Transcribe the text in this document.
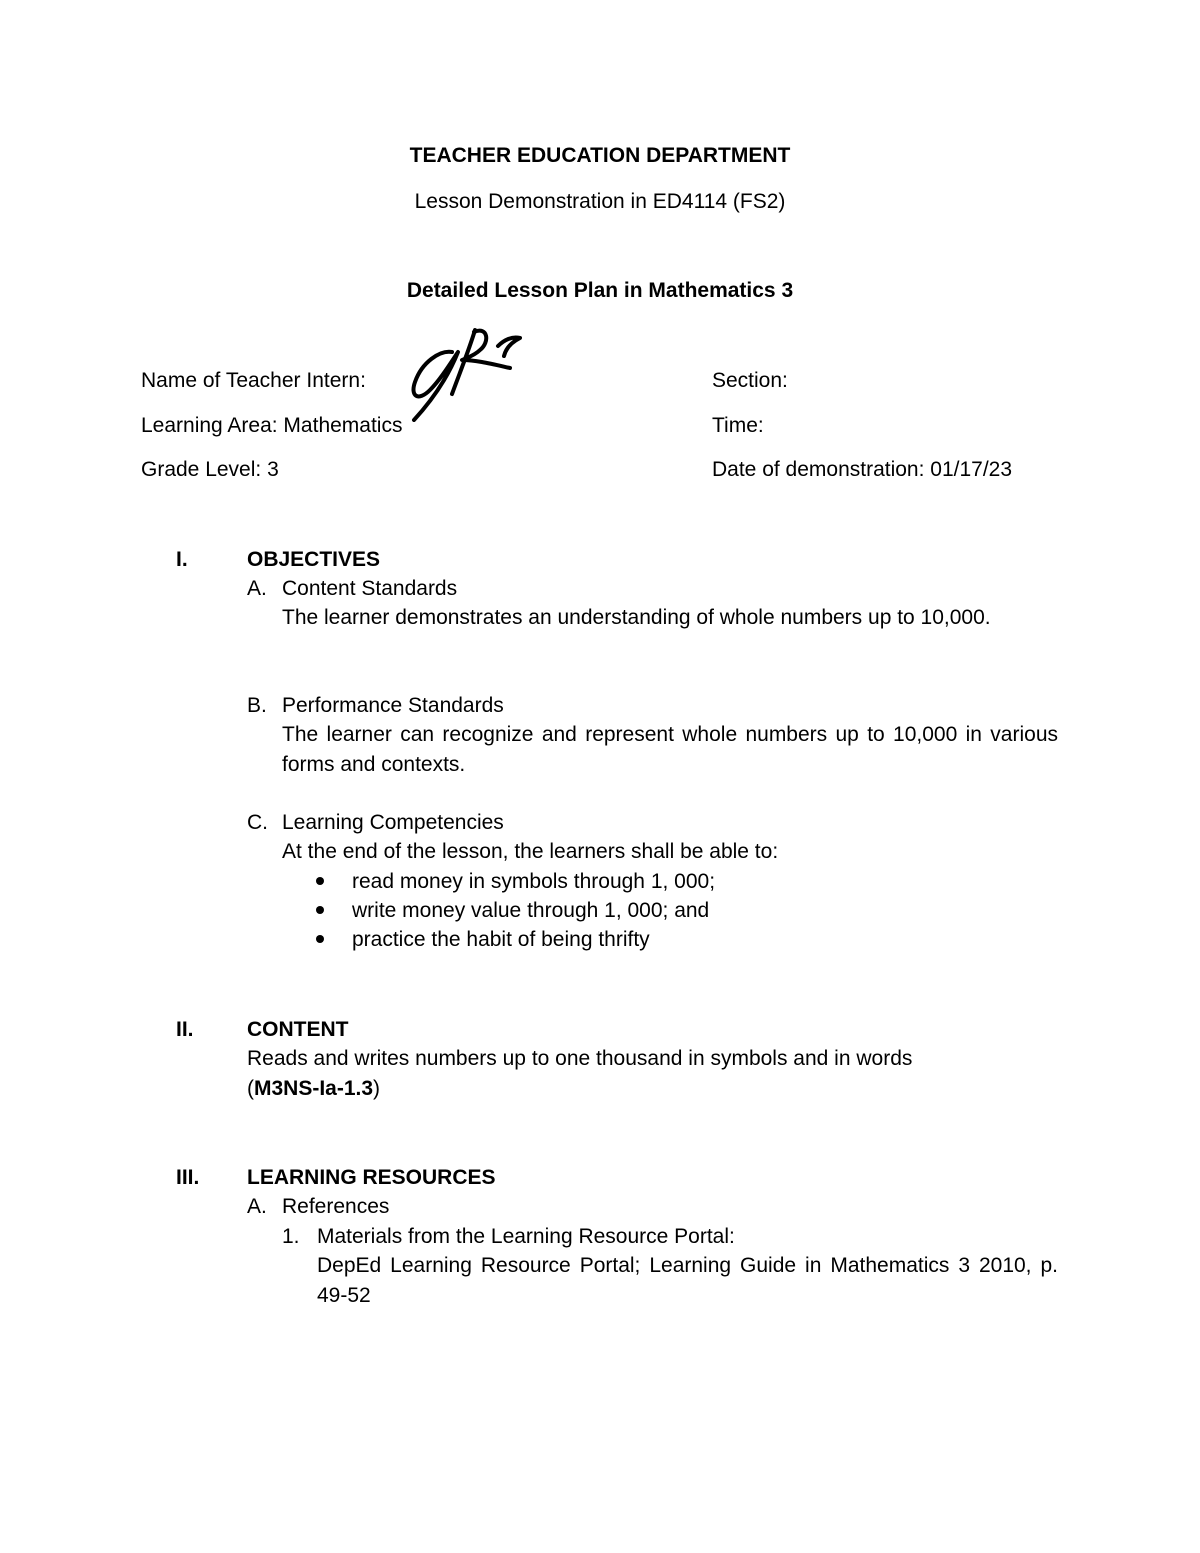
TEACHER EDUCATION DEPARTMENT
Lesson Demonstration in ED4114 (FS2)
Detailed Lesson Plan in Mathematics 3
Name of Teacher Intern:
Learning Area: Mathematics
Grade Level: 3
Section:
Time:
Date of demonstration: 01/17/23
I.	OBJECTIVES
A. Content Standards
The learner demonstrates an understanding of whole numbers up to 10,000.
B. Performance Standards
The learner can recognize and represent whole numbers up to 10,000 in various forms and contexts.
C. Learning Competencies
At the end of the lesson, the learners shall be able to:
read money in symbols through 1, 000;
write money value through 1, 000; and
practice the habit of being thrifty
II.	CONTENT
Reads and writes numbers up to one thousand in symbols and in words
(M3NS-Ia-1.3)
III. LEARNING RESOURCES
A. References
1. Materials from the Learning Resource Portal:
DepEd Learning Resource Portal; Learning Guide in Mathematics 3 2010, p. 49-52
